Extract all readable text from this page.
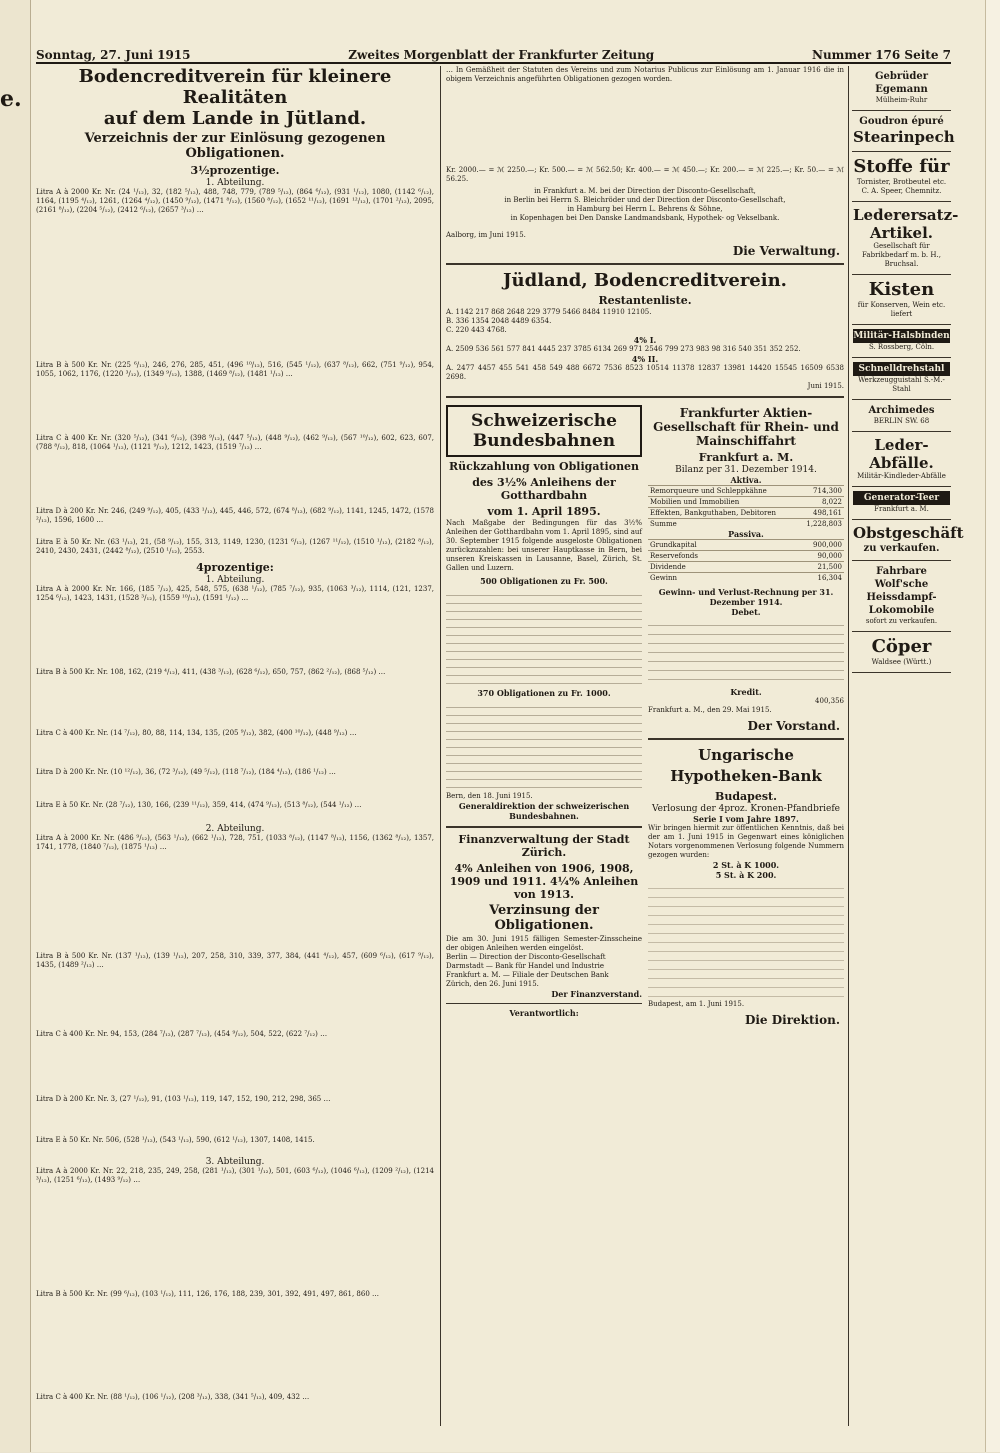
e.
Sonntag, 27. Juni 1915	Zweites Morgenblatt der Frankfurter Zeitung	Nummer 176 Seite 7
Bodencreditverein für kleinere Realitäten
auf dem Lande in Jütland.
Verzeichnis der zur Einlösung gezogenen Obligationen.
3½prozentige.
1. Abteilung.
Litra A à 2000 Kr. Nr. (24 ¹/₁₂), 32, (182 ⁵/₁₂), 488, 748, 779, (789 ⁵/₁₂), (864 ⁶/₁₂), (931 ¹/₁₂), 1080, (1142 ⁶/₁₂), 1164, (1195 ⁴/₁₂), 1261, (1264 ⁴/₁₂), (1450 ⁹/₁₂), (1471 ⁸/₁₂), (1560 ⁸/₁₂), (1652 ¹¹/₁₂), (1691 ¹²/₁₂), (1701 ²/₁₂), 2095, (2161 ⁸/₁₂), (2204 ⁵/₁₂), (2412 ⁶/₁₂), (2657 ³/₁₂) …
Litra B à 500 Kr. Nr. (225 ⁶/₁₂), 246, 276, 285, 451, (496 ¹⁰/₁₂), 516, (545 ¹/₁₂), (637 ⁸/₁₂), 662, (751 ⁹/₁₂), 954, 1055, 1062, 1176, (1220 ³/₁₂), (1349 ⁹/₁₂), 1388, (1469 ⁸/₁₂), (1481 ¹/₁₂) …
Litra C à 400 Kr. Nr. (320 ⁵/₁₂), (341 ⁶/₁₂), (398 ⁹/₁₂), (447 ⁵/₁₂), (448 ⁹/₁₂), (462 ⁹/₁₂), (567 ¹⁰/₁₂), 602, 623, 607, (788 ⁸/₁₂), 818, (1064 ¹/₁₂), (1121 ⁹/₁₂), 1212, 1423, (1519 ⁷/₁₂) …
Litra D à 200 Kr. Nr. 246, (249 ⁹/₁₂), 405, (433 ¹/₁₂), 445, 446, 572, (674 ⁸/₁₂), (682 ⁹/₁₂), 1141, 1245, 1472, (1578 ²/₁₂), 1596, 1600 …
Litra E à 50 Kr. Nr. (63 ¹/₁₂), 21, (58 ⁹/₁₂), 155, 313, 1149, 1230, (1231 ⁶/₁₂), (1267 ¹¹/₁₂), (1510 ¹/₁₂), (2182 ⁸/₁₂), 2410, 2430, 2431, (2442 ⁸/₁₂), (2510 ¹/₁₂), 2553.
4prozentige:
1. Abteilung.
Litra A à 2000 Kr. Nr. 166, (185 ⁷/₁₂), 425, 548, 575, (638 ¹/₁₂), (785 ⁷/₁₂), 935, (1063 ³/₁₂), 1114, (121, 1237, 1254 ⁶/₁₂), 1423, 1431, (1528 ³/₁₂), (1559 ¹⁰/₁₂), (1591 ¹/₁₂) …
Litra B à 500 Kr. Nr. 108, 162, (219 ⁴/₁₂), 411, (438 ³/₁₂), (628 ⁶/₁₂), 650, 757, (862 ²/₁₂), (868 ⁵/₁₂) …
Litra C à 400 Kr. Nr. (14 ⁷/₁₂), 80, 88, 114, 134, 135, (205 ⁹/₁₂), 382, (400 ¹⁰/₁₂), (448 ⁹/₁₂) …
Litra D à 200 Kr. Nr. (10 ¹²/₁₂), 36, (72 ³/₁₂), (49 ⁵/₁₂), (118 ⁷/₁₂), (184 ⁴/₁₂), (186 ¹/₁₂) …
Litra E à 50 Kr. Nr. (28 ⁷/₁₂), 130, 166, (239 ¹¹/₁₂), 359, 414, (474 ⁹/₁₂), (513 ⁸/₁₂), (544 ¹/₁₂) …
2. Abteilung.
Litra A à 2000 Kr. Nr. (486 ⁹/₁₂), (563 ¹/₁₂), (662 ¹/₁₂), 728, 751, (1033 ⁸/₁₂), (1147 ⁸/₁₂), 1156, (1362 ⁸/₁₂), 1357, 1741, 1778, (1840 ⁷/₁₂), (1875 ¹/₁₂) …
Litra B à 500 Kr. Nr. (137 ¹/₁₂), (139 ¹/₁₂), 207, 258, 310, 339, 377, 384, (441 ⁴/₁₂), 457, (609 ⁶/₁₂), (617 ⁹/₁₂), 1435, (1489 ²/₁₂) …
Litra C à 400 Kr. Nr. 94, 153, (284 ⁷/₁₂), (287 ⁷/₁₂), (454 ⁹/₁₂), 504, 522, (622 ⁷/₁₂) …
Litra D à 200 Kr. Nr. 3, (27 ¹/₁₂), 91, (103 ¹/₁₂), 119, 147, 152, 190, 212, 298, 365 …
Litra E à 50 Kr. Nr. 506, (528 ¹/₁₂), (543 ¹/₁₂), 590, (612 ¹/₁₂), 1307, 1408, 1415.
3. Abteilung.
Litra A à 2000 Kr. Nr. 22, 218, 235, 249, 258, (281 ¹/₁₂), (301 ¹/₁₂), 501, (603 ⁶/₁₂), (1046 ⁶/₁₂), (1209 ²/₁₂), (1214 ³/₁₂), (1251 ⁶/₁₂), (1493 ⁹/₁₂) …
Litra B à 500 Kr. Nr. (99 ⁶/₁₂), (103 ¹/₁₂), 111, 126, 176, 188, 239, 301, 392, 491, 497, 861, 860 …
Litra C à 400 Kr. Nr. (88 ¹/₁₂), (106 ¹/₁₂), (208 ³/₁₂), 338, (341 ⁵/₁₂), 409, 432 …
… In Gemäßheit der Statuten des Vereins und zum Notarius Publicus zur Einlösung am 1. Januar 1916 die in obigem Verzeichnis angeführten Obligationen gezogen worden.
Kr. 2000.— = ℳ 2250.—; Kr. 500.— = ℳ 562.50; Kr. 400.— = ℳ 450.—; Kr. 200.— = ℳ 225.—; Kr. 50.— = ℳ 56.25.
in Frankfurt a. M. bei der Direction der Disconto-Gesellschaft,
in Berlin bei Herrn S. Bleichröder und der Direction der Disconto-Gesellschaft,
in Hamburg bei Herrn L. Behrens & Söhne,
in Kopenhagen bei Den Danske Landmandsbank, Hypothek- og Vekselbank.
Aalborg, im Juni 1915.
Die Verwaltung.
Jüdland, Bodencreditverein.
Restantenliste.
A. 1142 217 868 2648 229 3779 5466 8484 11910 12105.
B. 336 1354 2048 4489 6354.
C. 220 443 4768.
4% I.
A. 2509 536 561 577 841 4445 237 3785 6134 269 971 2546 799 273 983 98 316 540 351 352 252.
4% II.
A. 2477 4457 455 541 458 549 488 6672 7536 8523 10514 11378 12837 13981 14420 15545 16509 6538 2698.
Juni 1915.
Schweizerische Bundesbahnen
Rückzahlung von Obligationen
des 3½% Anleihens der Gotthardbahn
vom 1. April 1895.
Nach Maßgabe der Bedingungen für das 3½% Anleihen der Gotthardbahn vom 1. April 1895, sind auf 30. September 1915 folgende ausgeloste Obligationen zurückzuzahlen: bei unserer Hauptkasse in Bern, bei unseren Kreiskassen in Lausanne, Basel, Zürich, St. Gallen und Luzern.
500 Obligationen zu Fr. 500.
370 Obligationen zu Fr. 1000.
Bern, den 18. Juni 1915.
Generaldirektion der schweizerischen Bundesbahnen.
Finanzverwaltung der Stadt Zürich.
4% Anleihen von 1906, 1908, 1909 und 1911. 4¼% Anleihen von 1913.
Verzinsung der Obligationen.
Die am 30. Juni 1915 fälligen Semester-Zinsscheine der obigen Anleihen werden eingelöst.
Berlin — Direction der Disconto-Gesellschaft
Darmstadt — Bank für Handel und Industrie
Frankfurt a. M. — Filiale der Deutschen Bank
Zürich, den 26. Juni 1915.
Der Finanzverstand.
Verantwortlich:
Frankfurter Aktien-Gesellschaft für Rhein- und Mainschiffahrt
Frankfurt a. M.
Bilanz per 31. Dezember 1914.
Aktiva.
Remorqueure und Schleppkähne	714,300
Mobilien und Immobilien	8,022
Effekten, Bankguthaben, Debitoren	498,161
Summe	1,228,803
Passiva.
Grundkapital	900,000
Reservefonds	90,000
Dividende	21,500
Gewinn	16,304
Gewinn- und Verlust-Rechnung per 31. Dezember 1914.
Debet.
Kredit.
400,356
Frankfurt a. M., den 29. Mai 1915.
Der Vorstand.
Ungarische Hypotheken-Bank
Budapest.
Verlosung der 4proz. Kronen-Pfandbriefe
Serie I vom Jahre 1897.
Wir bringen hiermit zur öffentlichen Kenntnis, daß bei der am 1. Juni 1915 in Gegenwart eines königlichen Notars vorgenommenen Verlosung folgende Nummern gezogen wurden:
2 St. à K 1000.
5 St. à K 200.
Budapest, am 1. Juni 1915.
Die Direktion.
Gebrüder Egemann
Mülheim-Ruhr
Goudron épuré
Stearinpech
Stoffe für
Tornister, Brotbeutel etc. C. A. Speer, Chemnitz.
Lederersatz-Artikel.
Gesellschaft für Fabrikbedarf m. b. H., Bruchsal.
Kisten
für Konserven, Wein etc. liefert
Militär-Halsbinden
S. Rossberg, Cöln.
Schnelldrehstahl
Werkzeugguistahl S.-M.-Stahl
Archimedes
BERLIN SW. 68
Leder-Abfälle.
Militär-Kindleder-Abfälle
Generator-Teer
Frankfurt a. M.
Obstgeschäft
zu verkaufen.
Fahrbare Wolf'sche Heissdampf-Lokomobile
sofort zu verkaufen.
Cöper
Waldsee (Württ.)
